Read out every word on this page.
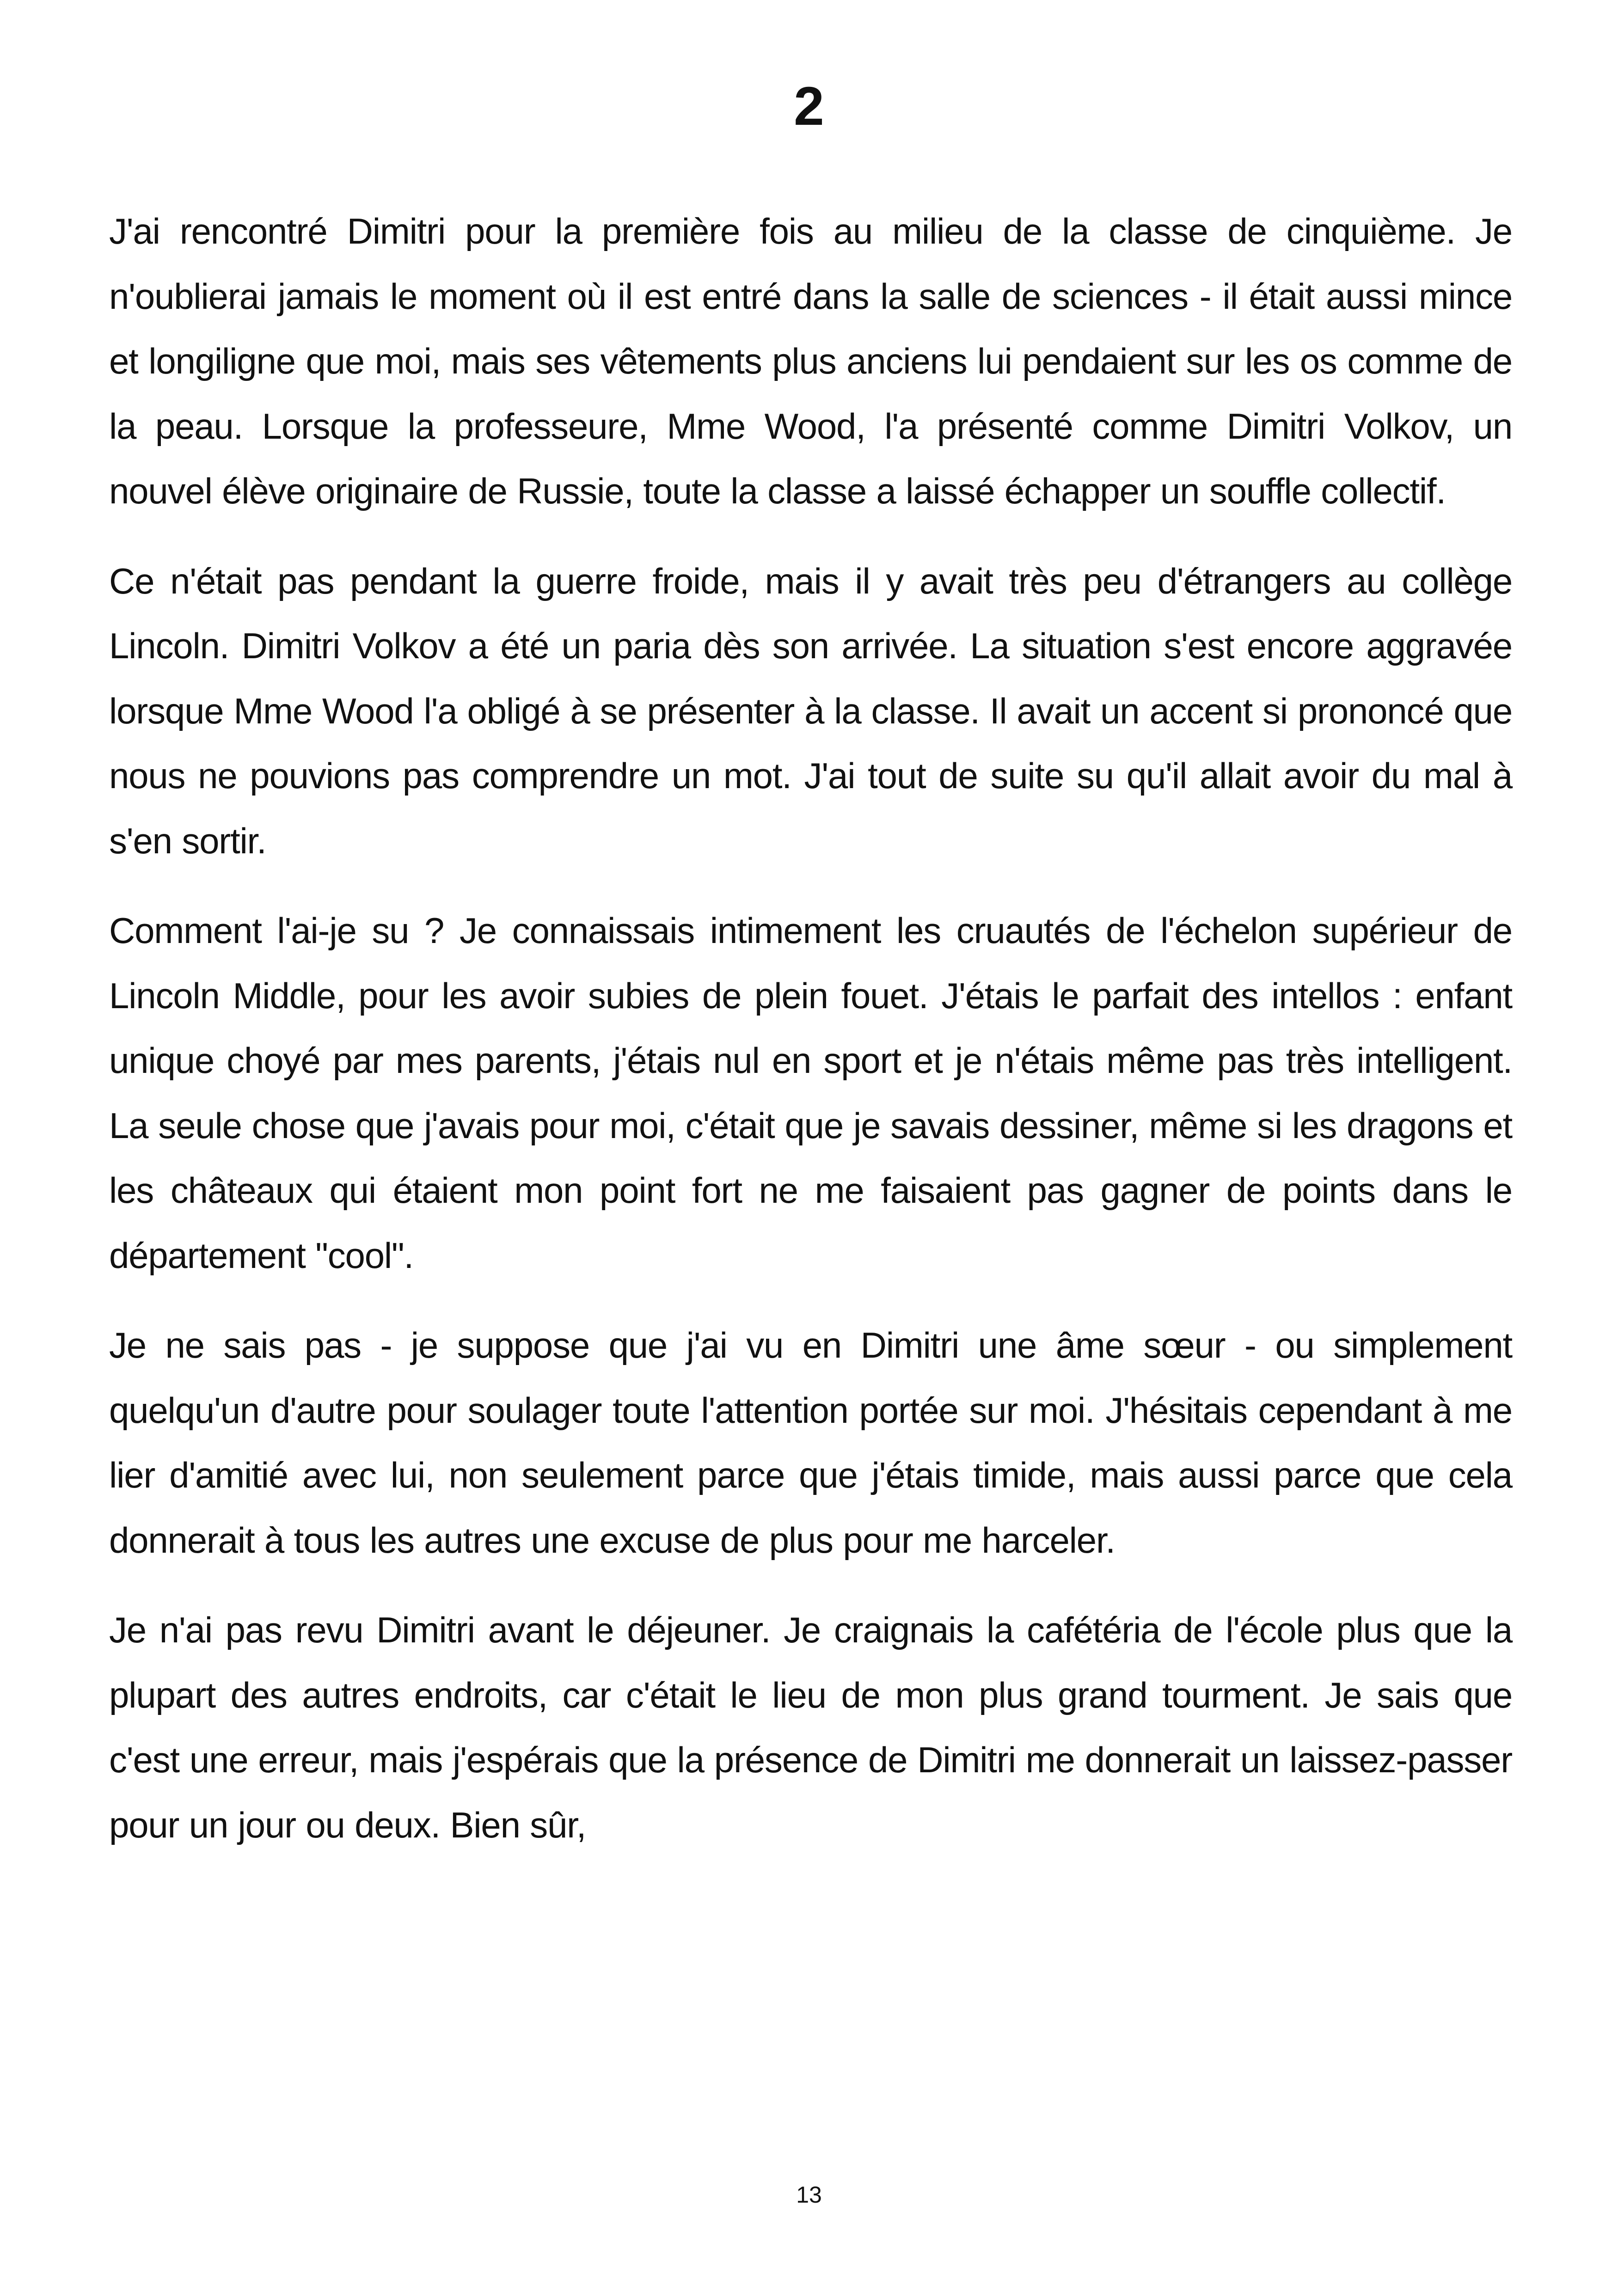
2

J'ai rencontré Dimitri pour la première fois au milieu de la classe de cinquième. Je n'oublierai jamais le moment où il est entré dans la salle de sciences - il était aussi mince et longiligne que moi, mais ses vêtements plus anciens lui pendaient sur les os comme de la peau. Lorsque la professeure, Mme Wood, l'a présenté comme Dimitri Volkov, un nouvel élève originaire de Russie, toute la classe a laissé échapper un souffle collectif.

Ce n'était pas pendant la guerre froide, mais il y avait très peu d'étrangers au collège Lincoln. Dimitri Volkov a été un paria dès son arrivée. La situation s'est encore aggravée lorsque Mme Wood l'a obligé à se présenter à la classe. Il avait un accent si prononcé que nous ne pouvions pas comprendre un mot. J'ai tout de suite su qu'il allait avoir du mal à s'en sortir.

Comment l'ai-je su ? Je connaissais intimement les cruautés de l'échelon supérieur de Lincoln Middle, pour les avoir subies de plein fouet. J'étais le parfait des intellos : enfant unique choyé par mes parents, j'étais nul en sport et je n'étais même pas très intelligent. La seule chose que j'avais pour moi, c'était que je savais dessiner, même si les dragons et les châteaux qui étaient mon point fort ne me faisaient pas gagner de points dans le département "cool".

Je ne sais pas - je suppose que j'ai vu en Dimitri une âme sœur - ou simplement quelqu'un d'autre pour soulager toute l'attention portée sur moi. J'hésitais cependant à me lier d'amitié avec lui, non seulement parce que j'étais timide, mais aussi parce que cela donnerait à tous les autres une excuse de plus pour me harceler.

Je n'ai pas revu Dimitri avant le déjeuner. Je craignais la cafétéria de l'école plus que la plupart des autres endroits, car c'était le lieu de mon plus grand tourment. Je sais que c'est une erreur, mais j'espérais que la présence de Dimitri me donnerait un laissez-passer pour un jour ou deux. Bien sûr,

13
